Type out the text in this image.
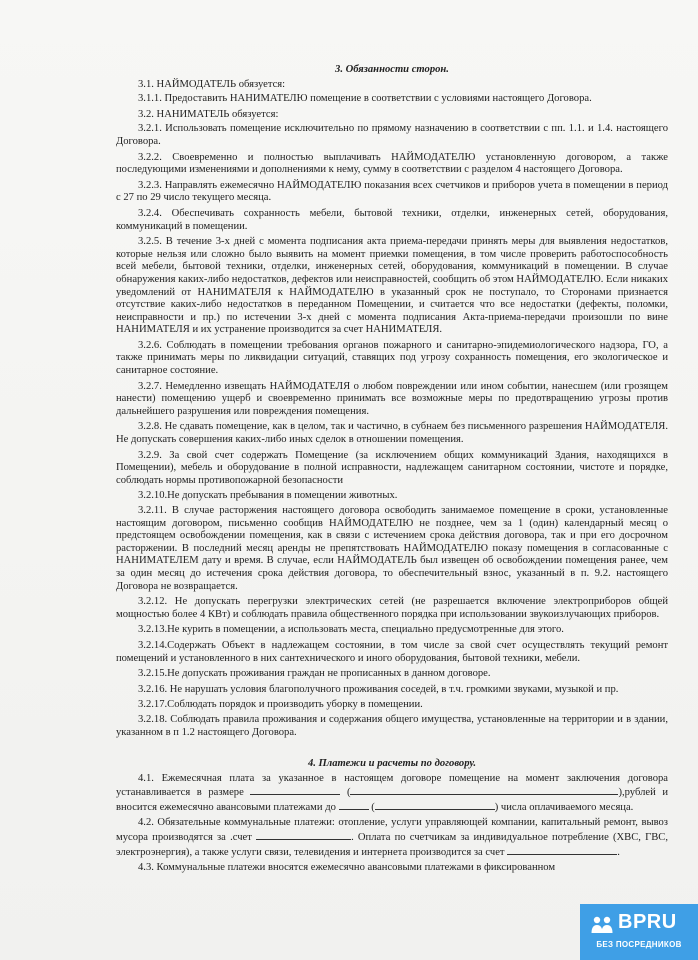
3. Обязанности сторон.
3.1. НАЙМОДАТЕЛЬ обязуется:
3.1.1. Предоставить НАНИМАТЕЛЮ помещение в соответствии с условиями настоящего Договора.
3.2. НАНИМАТЕЛЬ обязуется:
3.2.1. Использовать помещение исключительно по прямому назначению в соответствии с пп. 1.1. и 1.4. настоящего Договора.
3.2.2. Своевременно и полностью выплачивать НАЙМОДАТЕЛЮ установленную договором, а также последующими изменениями и дополнениями к нему, сумму в соответствии с разделом 4 настоящего Договора.
3.2.3. Направлять ежемесячно НАЙМОДАТЕЛЮ показания всех счетчиков и приборов учета в помещении в период с 27 по 29 число текущего месяца.
3.2.4. Обеспечивать сохранность мебели, бытовой техники, отделки, инженерных сетей, оборудования, коммуникаций в помещении.
3.2.5. В течение 3-х дней с момента подписания акта приема-передачи принять меры для выявления недостатков, которые нельзя или сложно было выявить на момент приемки помещения, в том числе проверить работоспособность всей мебели, бытовой техники, отделки, инженерных сетей, оборудования, коммуникаций в помещении. В случае обнаружения каких-либо недостатков, дефектов или неисправностей, сообщить об этом НАЙМОДАТЕЛЮ. Если никаких уведомлений от НАНИМАТЕЛЯ к НАЙМОДАТЕЛЮ в указанный срок не поступало, то Сторонами признается отсутствие каких-либо недостатков в переданном Помещении, и считается что все недостатки (дефекты, поломки, неисправности и пр.) по истечении 3-х дней с момента подписания Акта-приема-передачи произошли по вине НАНИМАТЕЛЯ и их устранение производится за счет НАНИМАТЕЛЯ.
3.2.6. Соблюдать в помещении требования органов пожарного и санитарно-эпидемиологического надзора, ГО, а также принимать меры по ликвидации ситуаций, ставящих под угрозу сохранность помещения, его экологическое и санитарное состояние.
3.2.7. Немедленно извещать НАЙМОДАТЕЛЯ о любом повреждении или ином событии, нанесшем (или грозящем нанести) помещению ущерб и своевременно принимать все возможные меры по предотвращению угрозы против дальнейшего разрушения или повреждения помещения.
3.2.8. Не сдавать помещение, как в целом, так и частично, в субнаем без письменного разрешения НАЙМОДАТЕЛЯ. Не допускать совершения каких-либо иных сделок в отношении помещения.
3.2.9. За свой счет содержать Помещение (за исключением общих коммуникаций Здания, находящихся в Помещении), мебель и оборудование в полной исправности, надлежащем санитарном состоянии, чистоте и порядке, соблюдать нормы противопожарной безопасности
3.2.10.Не допускать пребывания в помещении животных.
3.2.11. В случае расторжения настоящего договора освободить занимаемое помещение в сроки, установленные настоящим договором, письменно сообщив НАЙМОДАТЕЛЮ не позднее, чем за 1 (один) календарный месяц о предстоящем освобождении помещения, как в связи с истечением срока действия договора, так и при его досрочном расторжении. В последний месяц аренды не препятствовать НАЙМОДАТЕЛЮ показу помещения в согласованные с НАНИМАТЕЛЕМ дату и время. В случае, если НАЙМОДАТЕЛЬ был извещен об освобождении помещения ранее, чем за один месяц до истечения срока действия договора, то обеспечительный взнос, указанный в п. 9.2. настоящего Договора не возвращается.
3.2.12. Не допускать перегрузки электрических сетей (не разрешается включение электроприборов общей мощностью более 4 КВт) и соблюдать правила общественного порядка при использовании звукоизлучающих приборов.
3.2.13.Не курить в помещении, а использовать места, специально предусмотренные для этого.
3.2.14.Содержать Объект в надлежащем состоянии, в том числе за свой счет осуществлять текущий ремонт помещений и установленного в них сантехнического и иного оборудования, бытовой техники, мебели.
3.2.15.Не допускать проживания граждан не прописанных в данном договоре.
3.2.16. Не нарушать условия благополучного проживания соседей, в т.ч. громкими звуками, музыкой и пр.
3.2.17.Соблюдать порядок и производить уборку в помещении.
3.2.18. Соблюдать правила проживания и содержания общего имущества, установленные на территории и в здании, указанном в п 1.2 настоящего Договора.
4. Платежи и расчеты по договору.
4.1. Ежемесячная плата за указанное в настоящем договоре помещение на момент заключения договора устанавливается в размере	(	),рублей и вносится ежемесячно авансовыми платежами до	(	) числа оплачиваемого месяца.
4.2. Обязательные коммунальные платежи: отопление, услуги управляющей компании, капитальный ремонт, вывоз мусора производятся за .счет	. Оплата по счетчикам за индивидуальное потребление (ХВС, ГВС, электроэнергия), а также услуги связи, телевидения и интернета производится за счет	.
4.3. Коммунальные платежи вносятся ежемесячно авансовыми платежами в фиксированном
BPRU
БЕЗ ПОСРЕДНИКОВ
